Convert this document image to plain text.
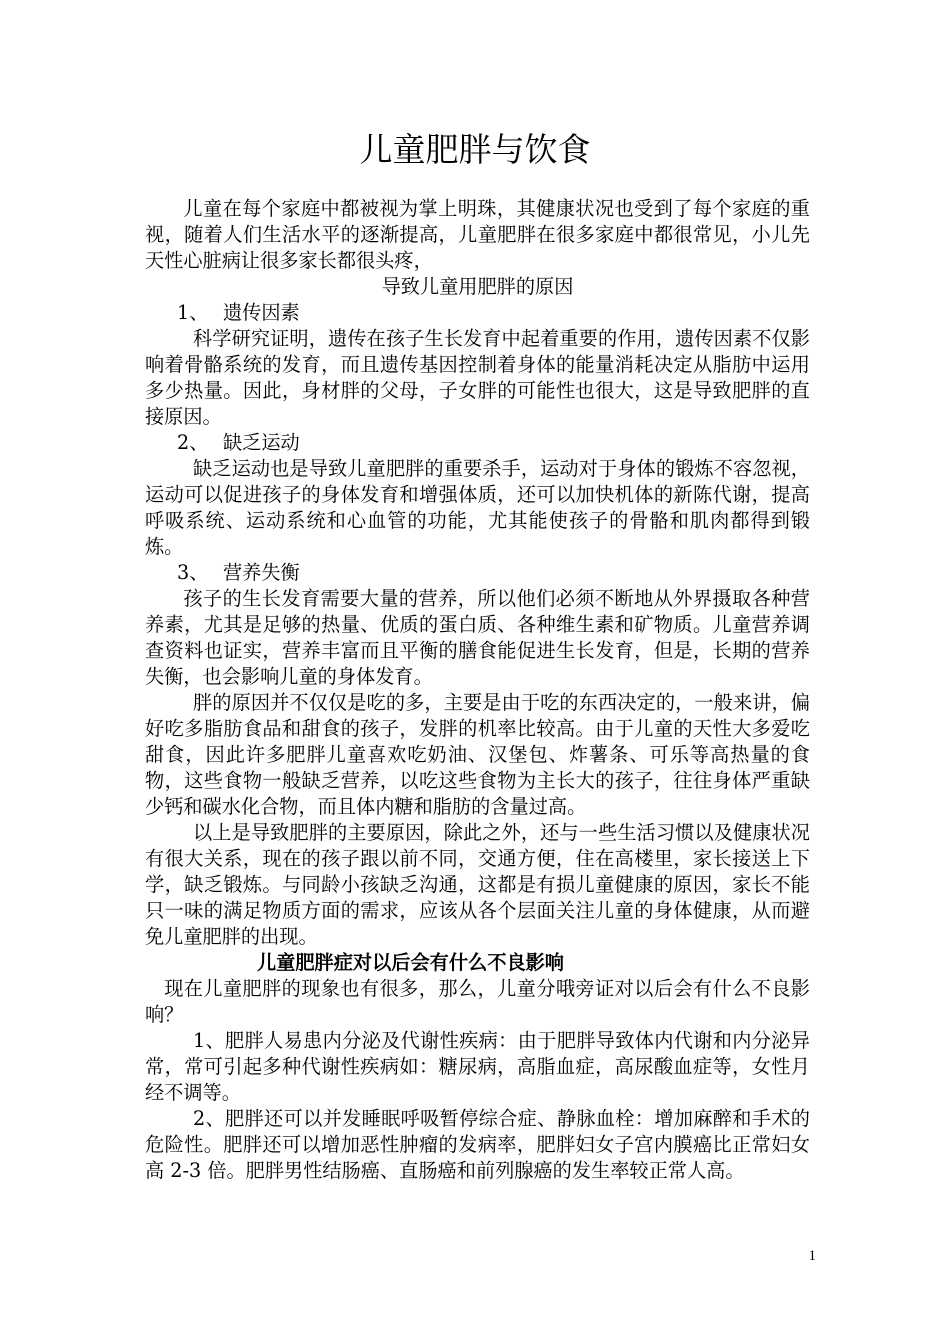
儿童肥胖与饮食

儿童在每个家庭中都被视为掌上明珠，其健康状况也受到了每个家庭的重视，随着人们生活水平的逐渐提高，儿童肥胖在很多家庭中都很常见，小儿先天性心脏病让很多家长都很头疼，

导致儿童用肥胖的原因

1、 遗传因素

科学研究证明，遗传在孩子生长发育中起着重要的作用，遗传因素不仅影响着骨骼系统的发育，而且遗传基因控制着身体的能量消耗决定从脂肪中运用多少热量。因此，身材胖的父母，子女胖的可能性也很大，这是导致肥胖的直接原因。

2、 缺乏运动

缺乏运动也是导致儿童肥胖的重要杀手，运动对于身体的锻炼不容忽视，运动可以促进孩子的身体发育和增强体质，还可以加快机体的新陈代谢，提高呼吸系统、运动系统和心血管的功能，尤其能使孩子的骨骼和肌肉都得到锻炼。

3、 营养失衡

孩子的生长发育需要大量的营养，所以他们必须不断地从外界摄取各种营养素，尤其是足够的热量、优质的蛋白质、各种维生素和矿物质。儿童营养调查资料也证实，营养丰富而且平衡的膳食能促进生长发育，但是，长期的营养失衡，也会影响儿童的身体发育。

胖的原因并不仅仅是吃的多，主要是由于吃的东西决定的，一般来讲，偏好吃多脂肪食品和甜食的孩子，发胖的机率比较高。由于儿童的天性大多爱吃甜食，因此许多肥胖儿童喜欢吃奶油、汉堡包、炸薯条、可乐等高热量的食物，这些食物一般缺乏营养，以吃这些食物为主长大的孩子，往往身体严重缺少钙和碳水化合物，而且体内糖和脂肪的含量过高。

以上是导致肥胖的主要原因，除此之外，还与一些生活习惯以及健康状况有很大关系，现在的孩子跟以前不同，交通方便，住在高楼里，家长接送上下学，缺乏锻炼。与同龄小孩缺乏沟通，这都是有损儿童健康的原因，家长不能只一味的满足物质方面的需求，应该从各个层面关注儿童的身体健康，从而避免儿童肥胖的出现。

儿童肥胖症对以后会有什么不良影响

现在儿童肥胖的现象也有很多，那么，儿童分哦旁证对以后会有什么不良影响？

1、肥胖人易患内分泌及代谢性疾病：由于肥胖导致体内代谢和内分泌异常，常可引起多种代谢性疾病如：糖尿病，高脂血症，高尿酸血症等，女性月经不调等。

2、肥胖还可以并发睡眠呼吸暂停综合症、静脉血栓：增加麻醉和手术的危险性。肥胖还可以增加恶性肿瘤的发病率，肥胖妇女子宫内膜癌比正常妇女高 2-3 倍。肥胖男性结肠癌、直肠癌和前列腺癌的发生率较正常人高。

1
